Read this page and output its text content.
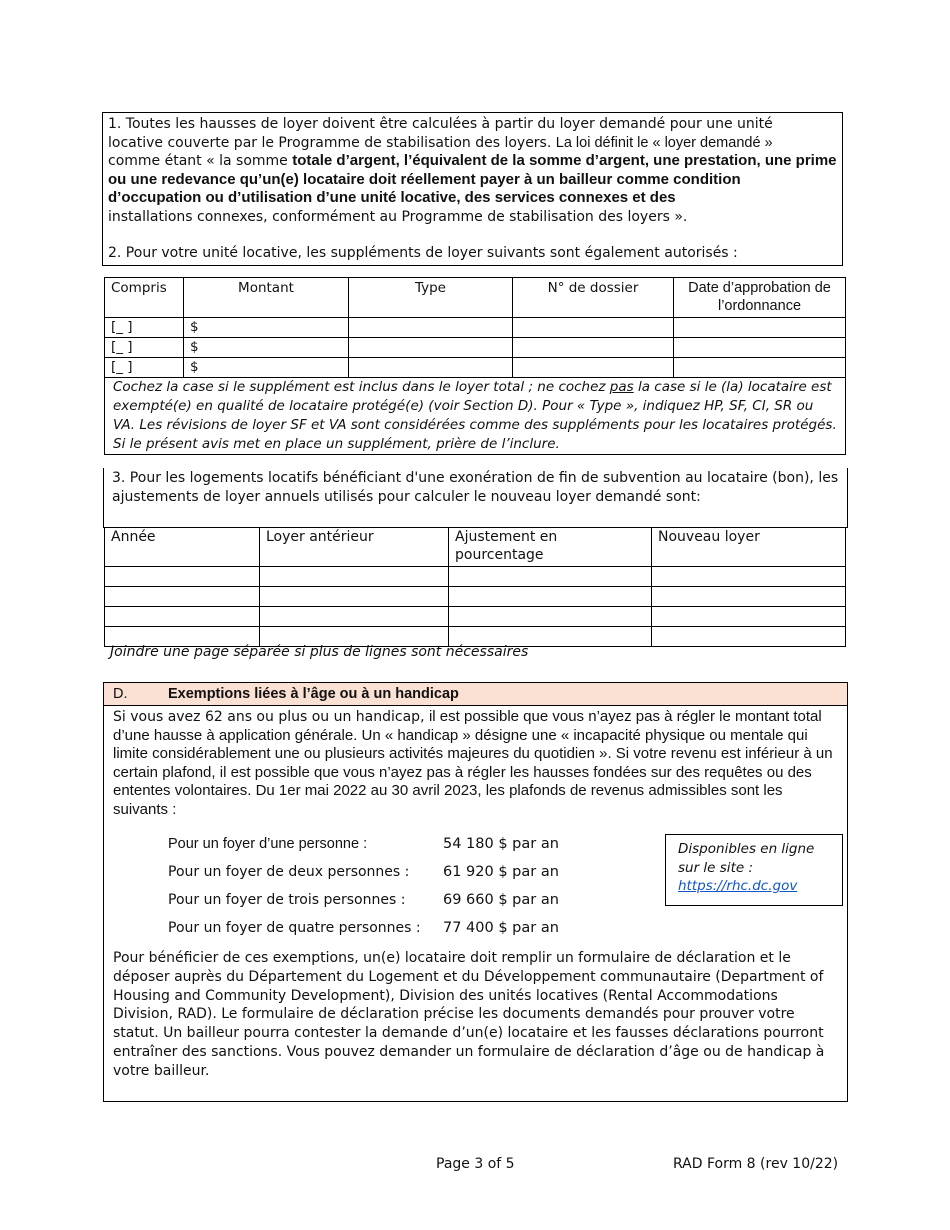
1. Toutes les hausses de loyer doivent être calculées à partir du loyer demandé pour une unité

locative couverte par le Programme de stabilisation des loyers. La loi définit le « loyer demandé »

comme étant « la somme totale d’argent, l’équivalent de la somme d’argent, une prestation, une prime ou une redevance qu’un(e) locataire doit réellement payer à un bailleur comme condition d’occupation ou d’utilisation d’une unité locative, des services connexes et des

installations connexes, conformément au Programme de stabilisation des loyers ».

2. Pour votre unité locative, les suppléments de loyer suivants sont également autorisés :

Compris	Montant	Type	N° de dossier	Date d’approbation de l’ordonnance
[_ ]	$			
[_ ]	$			
[_ ]	$			
Cochez la case si le supplément est inclus dans le loyer total ; ne cochez pas la case si le (la) locataire est exempté(e) en qualité de locataire protégé(e) (voir Section D). Pour « Type », indiquez HP, SF, CI, SR ou VA. Les révisions de loyer SF et VA sont considérées comme des suppléments pour les locataires protégés. Si le présent avis met en place un supplément, prière de l’inclure.				
3. Pour les logements locatifs bénéficiant d'une exonération de fin de subvention au locataire (bon), les ajustements de loyer annuels utilisés pour calculer le nouveau loyer demandé sont:
Année	Loyer antérieur	Ajustement en pourcentage	Nouveau loyer

Joindre une page séparée si plus de lignes sont nécessaires
D.	Exemptions liées à l’âge ou à un handicap
Si vous avez 62 ans ou plus ou un handicap, il est possible que vous n’ayez pas à régler le montant total d’une hausse à application générale. Un « handicap » désigne une « incapacité physique ou mentale qui limite considérablement une ou plusieurs activités majeures du quotidien ». Si votre revenu est inférieur à un certain plafond, il est possible que vous n’ayez pas à régler les hausses fondées sur des requêtes ou des ententes volontaires. Du 1er mai 2022 au 30 avril 2023, les plafonds de revenus admissibles sont les suivants :
Pour un foyer d’une personne :	54 180 $ par an
Pour un foyer de deux personnes : 61 920 $ par an
Pour un foyer de trois personnes :	69 660 $ par an
Pour un foyer de quatre personnes : 77 400 $ par an
Pour bénéficier de ces exemptions, un(e) locataire doit remplir un formulaire de déclaration et le déposer auprès du Département du Logement et du Développement communautaire (Department of Housing and Community Development), Division des unités locatives (Rental Accommodations Division, RAD). Le formulaire de déclaration précise les documents demandés pour prouver votre statut. Un bailleur pourra contester la demande d’un(e) locataire et les fausses déclarations pourront entraîner des sanctions. Vous pouvez demander un formulaire de déclaration d’âge ou de handicap à votre bailleur.
Disponibles en ligne sur le site :
https://rhc.dc.gov
Page 3 of 5	RAD Form 8 (rev 10/22)
